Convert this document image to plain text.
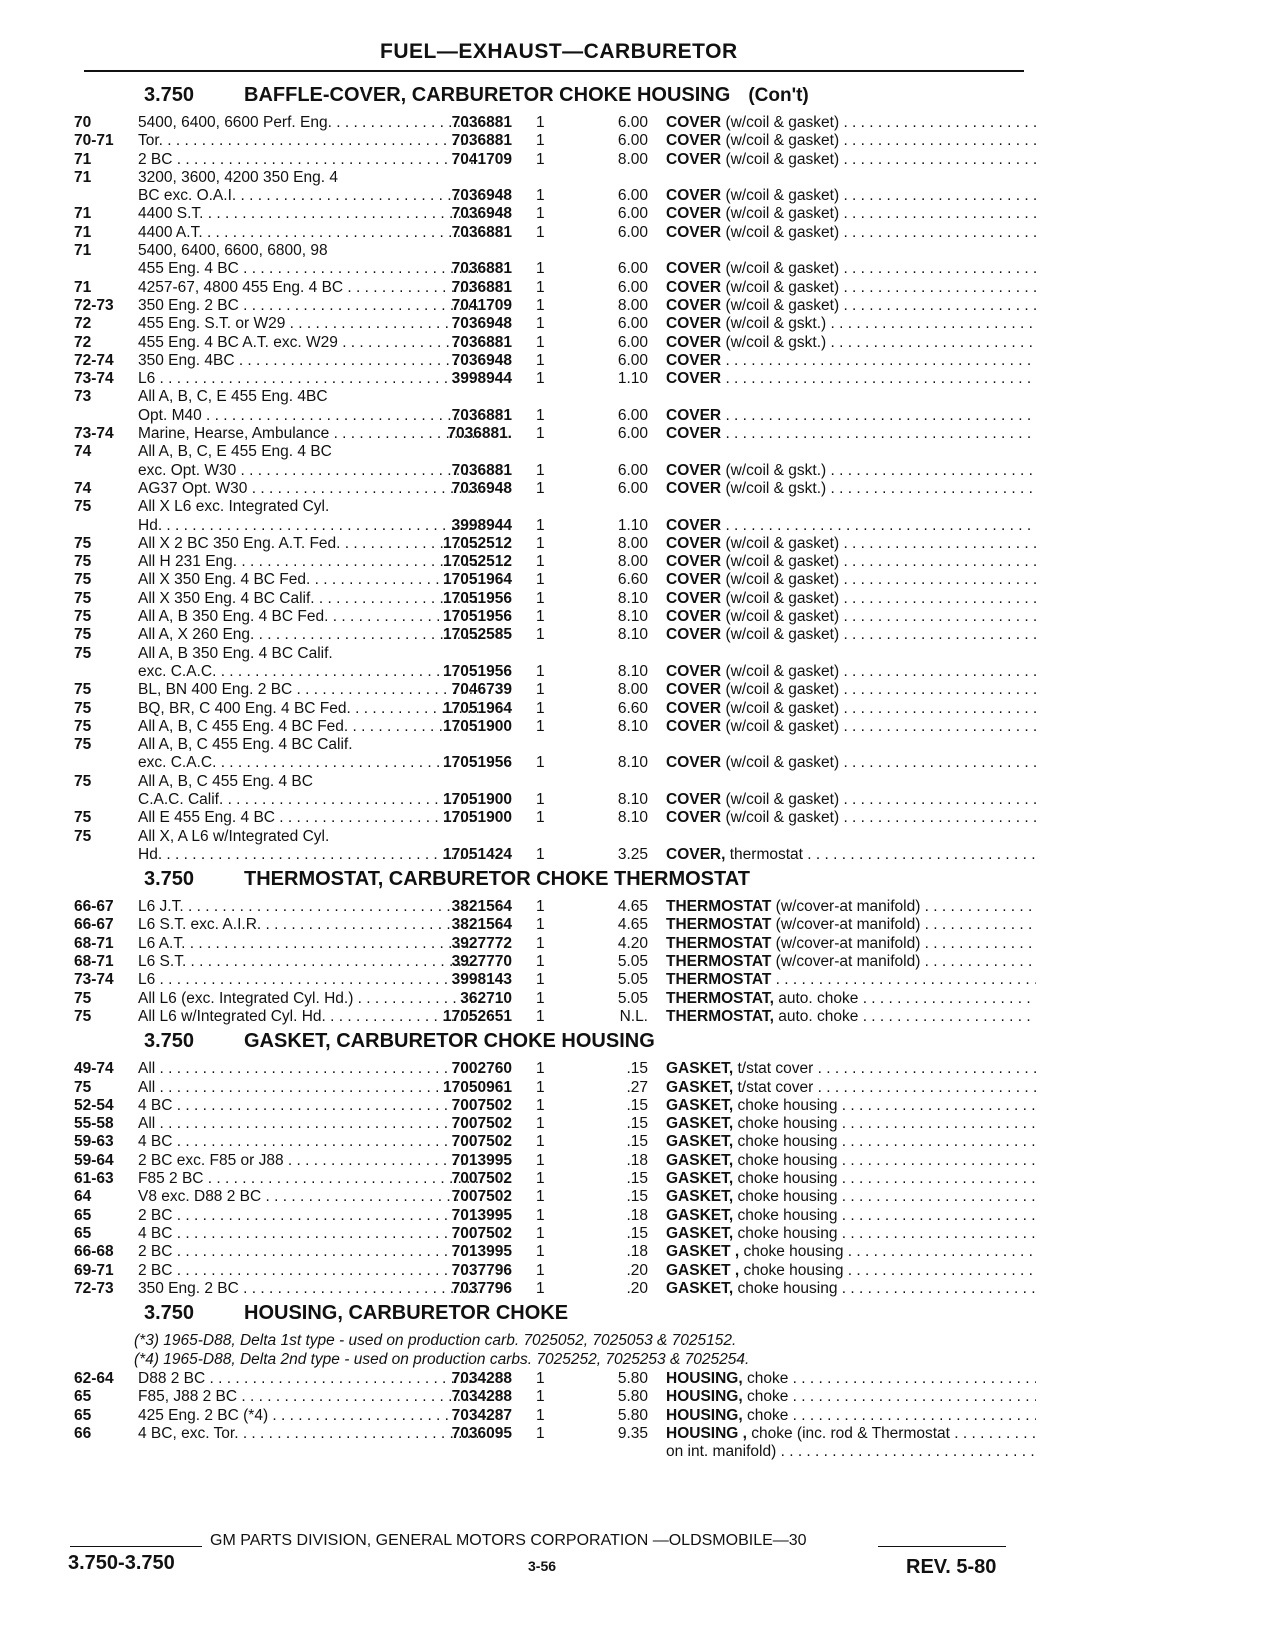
FUEL—EXHAUST—CARBURETOR
3.750	BAFFLE-COVER, CARBURETOR CHOKE HOUSING (Con't)
70	5400, 6400, 6600 Perf. Eng. . . .	7036881 1	6.00 COVER (w/coil & gasket) . . .
70-71	Tor. . . .	7036881 1	6.00 COVER (w/coil & gasket) . . .
71	2 BC . . .	7041709 1	8.00 COVER (w/coil & gasket) . . .
71	3200, 3600, 4200 350 Eng. 4
BC exc. O.A.I. . . .	7036948 1	6.00 COVER (w/coil & gasket) . . .
71	4400 S.T. . . .	7036948 1	6.00 COVER (w/coil & gasket) . . .
71	4400 A.T. . . .	7036881 1	6.00 COVER (w/coil & gasket) . . .
71	5400, 6400, 6600, 6800, 98
455 Eng. 4 BC . . .	7036881 1	6.00 COVER (w/coil & gasket) . . .
71	4257-67, 4800 455 Eng. 4 BC . . .	7036881 1	6.00 COVER (w/coil & gasket) . . .
72-73	350 Eng. 2 BC . . .	7041709 1	8.00 COVER (w/coil & gasket) . . .
72	455 Eng. S.T. or W29 . . .	7036948 1	6.00 COVER (w/coil & gskt.) . . .
72	455 Eng. 4 BC A.T. exc. W29 . . .	7036881 1	6.00 COVER (w/coil & gskt.) . . .
72-74	350 Eng. 4BC . . .	7036948 1	6.00 COVER . . .
73-74	L6 . . .	3998944 1	1.10 COVER . . .
73	All A, B, C, E 455 Eng. 4BC
Opt. M40 . . .	7036881 1	6.00 COVER . . .
73-74	Marine, Hearse, Ambulance . . .	7036881. 1	6.00 COVER . . .
74	All A, B, C, E 455 Eng. 4 BC
exc. Opt. W30 . . .	7036881 1	6.00 COVER (w/coil & gskt.) . . .
74	AG37 Opt. W30 . . .	7036948 1	6.00 COVER (w/coil & gskt.) . . .
75	All X L6 exc. Integrated Cyl.
Hd. . . .	3998944 1	1.10 COVER . . .
75	All X 2 BC 350 Eng. A.T. Fed. . . .	17052512 1	8.00 COVER (w/coil & gasket) . . .
75	All H 231 Eng. . . .	17052512 1	8.00 COVER (w/coil & gasket) . . .
75	All X 350 Eng. 4 BC Fed. . . .	17051964 1	6.60 COVER (w/coil & gasket) . . .
75	All X 350 Eng. 4 BC Calif. . . .	17051956 1	8.10 COVER (w/coil & gasket) . . .
75	All A, B 350 Eng. 4 BC Fed. . . .	17051956 1	8.10 COVER (w/coil & gasket) . . .
75	All A, X 260 Eng. . . .	17052585 1	8.10 COVER (w/coil & gasket) . . .
75	All A, B 350 Eng. 4 BC Calif.
exc. C.A.C. . . .	17051956 1	8.10 COVER (w/coil & gasket) . . .
75	BL, BN 400 Eng. 2 BC . . .	7046739 1	8.00 COVER (w/coil & gasket) . . .
75	BQ, BR, C 400 Eng. 4 BC Fed. . . .	17051964 1	6.60 COVER (w/coil & gasket) . . .
75	All A, B, C 455 Eng. 4 BC Fed. . . .	17051900 1	8.10 COVER (w/coil & gasket) . . .
75	All A, B, C 455 Eng. 4 BC Calif.
exc. C.A.C. . . .	17051956 1	8.10 COVER (w/coil & gasket) . . .
75	All A, B, C 455 Eng. 4 BC
C.A.C. Calif. . . .	17051900 1	8.10 COVER (w/coil & gasket) . . .
75	All E 455 Eng. 4 BC . . .	17051900 1	8.10 COVER (w/coil & gasket) . . .
75	All X, A L6 w/Integrated Cyl.
Hd. . . .	17051424 1	3.25 COVER, thermostat . . .
3.750	THERMOSTAT, CARBURETOR CHOKE THERMOSTAT
66-67	L6 J.T. . . .	3821564 1	4.65 THERMOSTAT (w/cover-at manifold) . . .
66-67	L6 S.T. exc. A.I.R. . . .	3821564 1	4.65 THERMOSTAT (w/cover-at manifold) . . .
68-71	L6 A.T. . . .	3927772 1	4.20 THERMOSTAT (w/cover-at manifold) . . .
68-71	L6 S.T. . . .	3927770 1	5.05 THERMOSTAT (w/cover-at manifold) . . .
73-74	L6 . . .	3998143 1	5.05 THERMOSTAT . . .
75	All L6 (exc. Integrated Cyl. Hd.) . . .	362710 1	5.05 THERMOSTAT, auto. choke . . .
75	All L6 w/Integrated Cyl. Hd. . . .	17052651 1	N.L. THERMOSTAT, auto. choke . . .
3.750	GASKET, CARBURETOR CHOKE HOUSING
49-74	All . . .	7002760 1	.15 GASKET, t/stat cover . . .
75	All . . .	17050961 1	.27 GASKET, t/stat cover . . .
52-54	4 BC . . .	7007502 1	.15 GASKET, choke housing . . .
55-58	All . . .	7007502 1	.15 GASKET, choke housing . . .
59-63	4 BC . . .	7007502 1	.15 GASKET, choke housing . . .
59-64	2 BC exc. F85 or J88 . . .	7013995 1	.18 GASKET, choke housing . . .
61-63	F85 2 BC . . .	7007502 1	.15 GASKET, choke housing . . .
64	V8 exc. D88 2 BC . . .	7007502 1	.15 GASKET, choke housing . . .
65	2 BC . . .	7013995 1	.18 GASKET, choke housing . . .
65	4 BC . . .	7007502 1	.15 GASKET, choke housing . . .
66-68	2 BC . . .	7013995 1	.18 GASKET , choke housing . . .
69-71	2 BC . . .	7037796 1	.20 GASKET , choke housing . . .
72-73	350 Eng. 2 BC . . .	7037796 1	.20 GASKET, choke housing . . .
3.750	HOUSING, CARBURETOR CHOKE
(*3) 1965-D88, Delta 1st type - used on production carb. 7025052, 7025053 & 7025152.
(*4) 1965-D88, Delta 2nd type - used on production carbs. 7025252, 7025253 & 7025254.
62-64	D88 2 BC . . .	7034288 1	5.80 HOUSING, choke . . .
65	F85, J88 2 BC . . .	7034288 1	5.80 HOUSING, choke . . .
65	425 Eng. 2 BC (*4) . . .	7034287 1	5.80 HOUSING, choke . . .
66	4 BC, exc. Tor. . . .	7036095 1	9.35 HOUSING , choke (inc. rod & Thermostat . . .
on int. manifold) . . .
GM PARTS DIVISION, GENERAL MOTORS CORPORATION —OLDSMOBILE—30
3.750-3.750	3-56	REV. 5-80
